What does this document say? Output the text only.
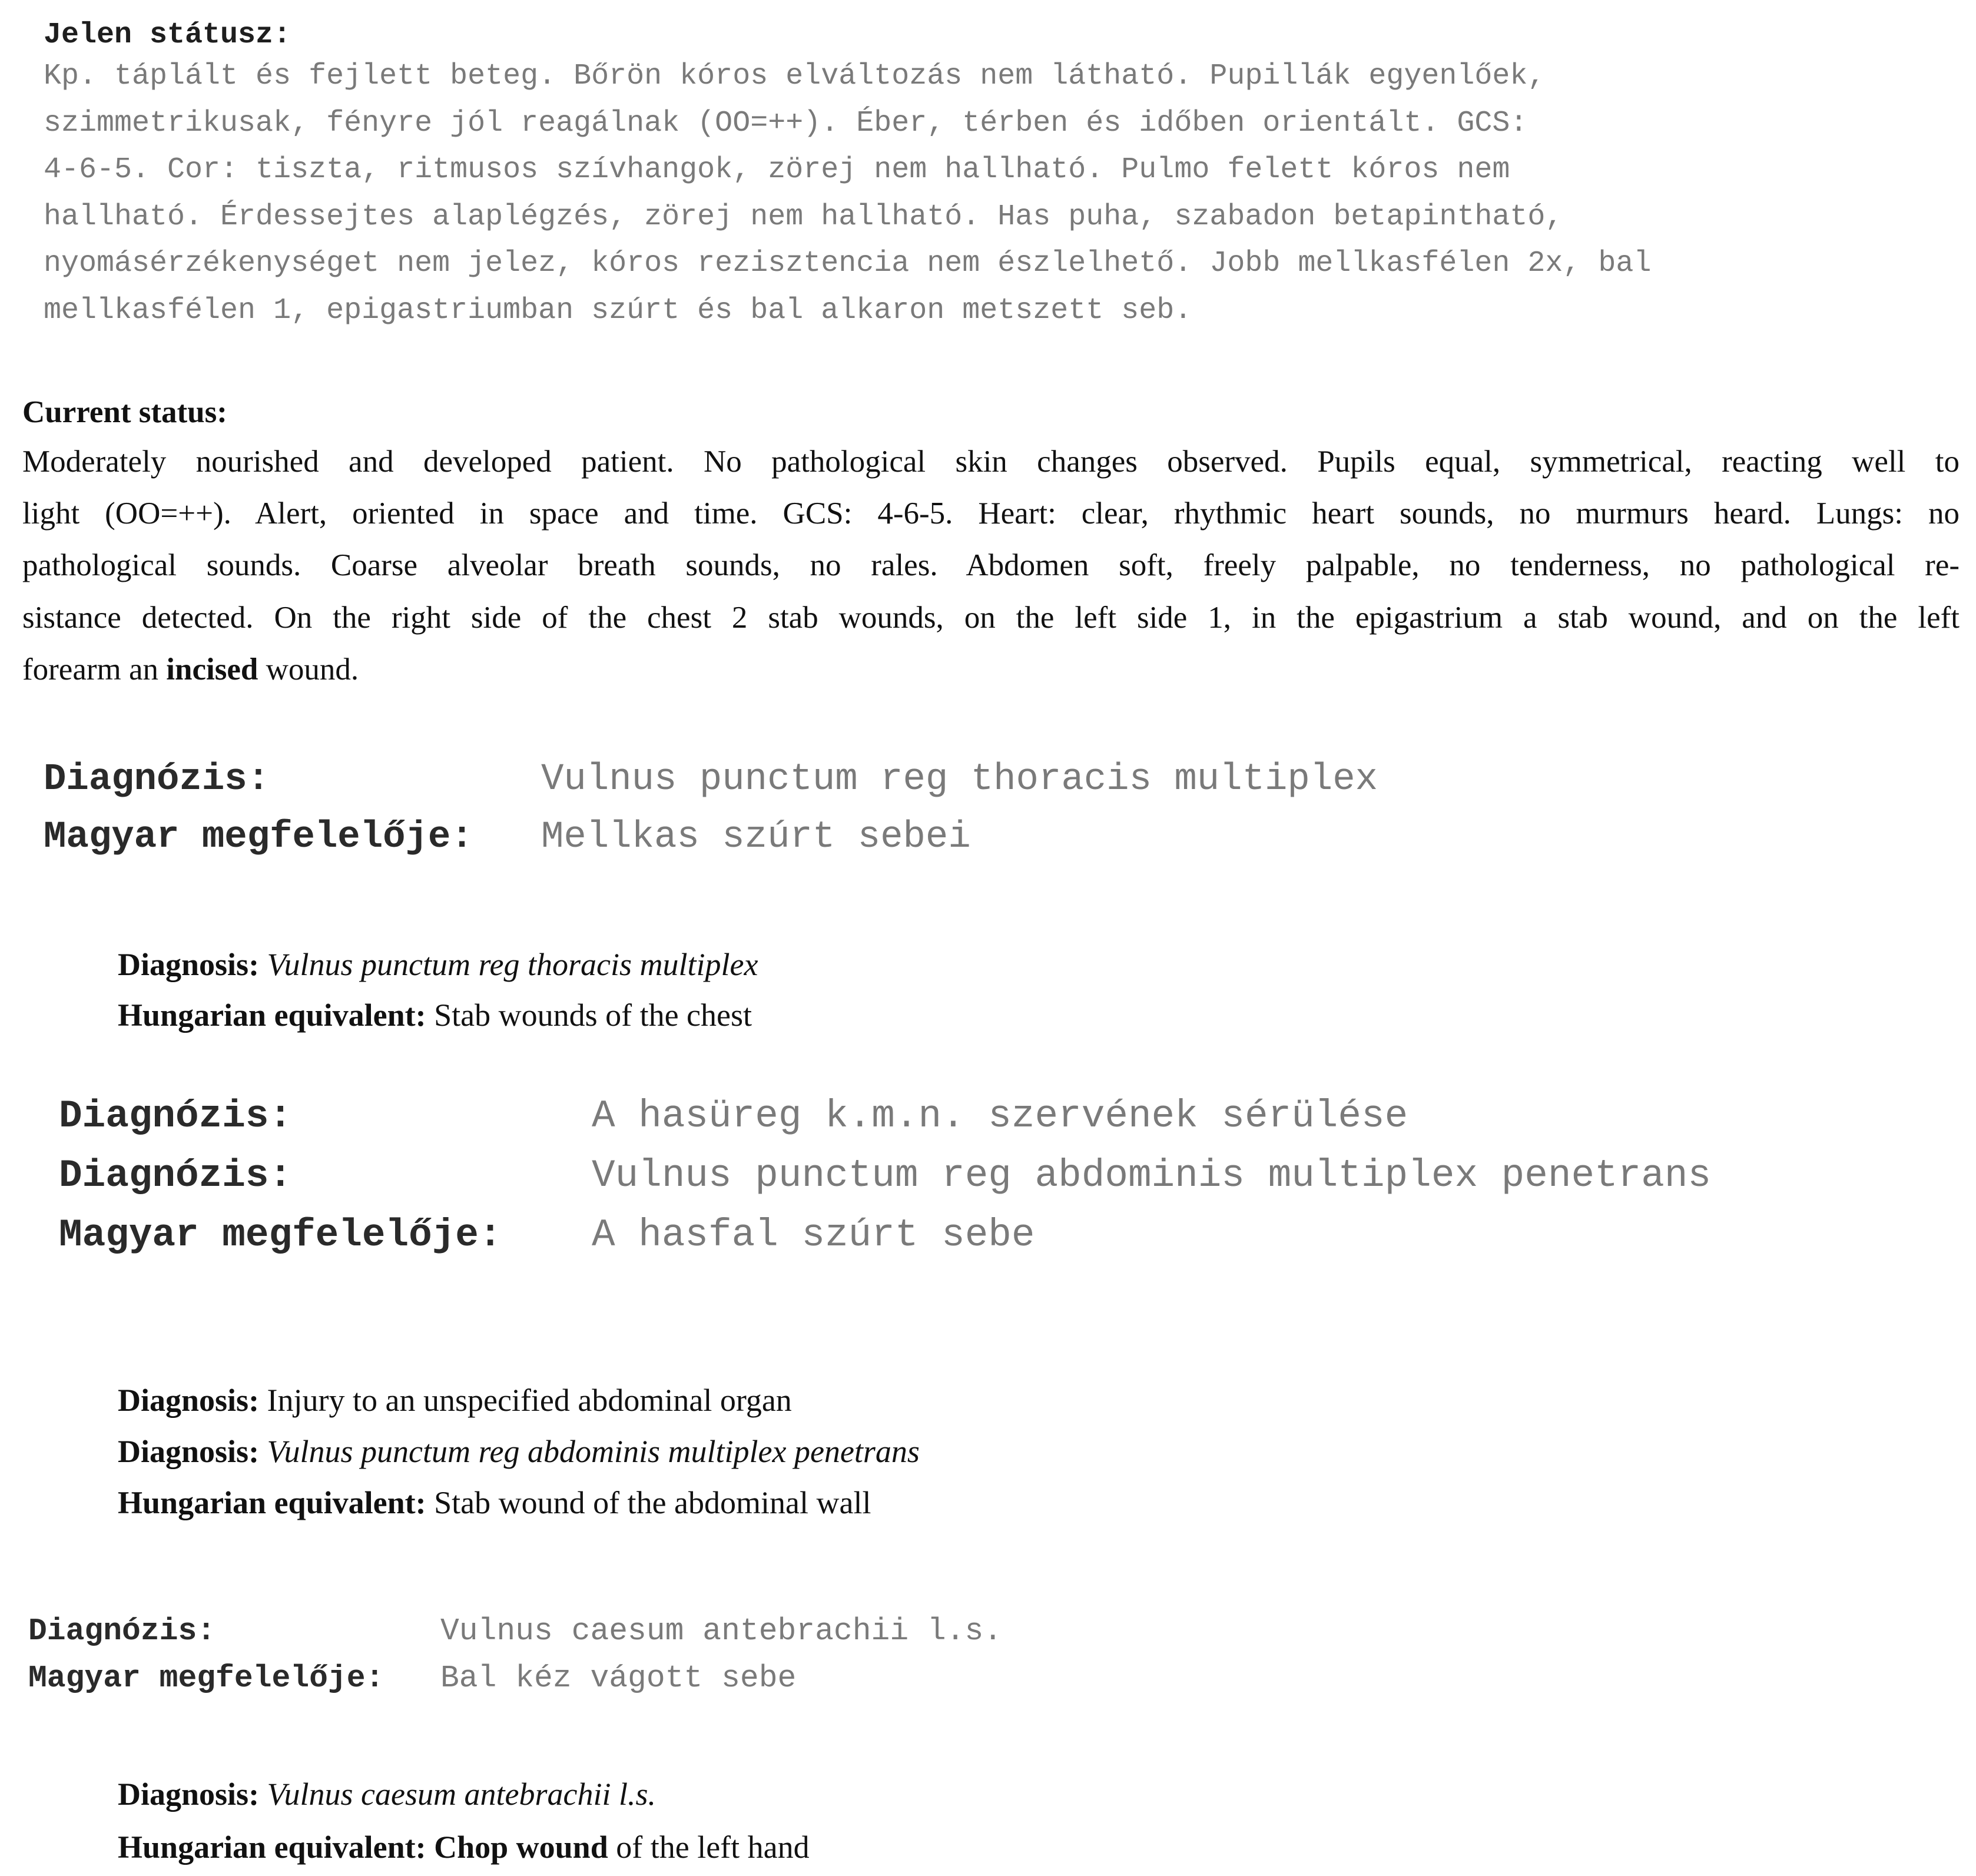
Jelen státusz:
Kp. táplált és fejlett beteg. Bőrön kóros elváltozás nem látható. Pupillák egyenlőek,
szimmetrikusak, fényre jól reagálnak (OO=++). Éber, térben és időben orientált. GCS:
4-6-5. Cor: tiszta, ritmusos szívhangok, zörej nem hallható. Pulmo felett kóros nem
hallható. Érdessejtes alaplégzés, zörej nem hallható. Has puha, szabadon betapintható,
nyomásérzékenységet nem jelez, kóros rezisztencia nem észlelhető. Jobb mellkasfélen 2x, bal
mellkasfélen 1, epigastriumban szúrt és bal alkaron metszett seb.
Current status:
Moderately nourished and developed patient. No pathological skin changes observed. Pupils equal, symmetrical, reacting well to
light (OO=++). Alert, oriented in space and time. GCS: 4-6-5. Heart: clear, rhythmic heart sounds, no murmurs heard. Lungs: no
pathological sounds. Coarse alveolar breath sounds, no rales. Abdomen soft, freely palpable, no tenderness, no pathological re-
sistance detected. On the right side of the chest 2 stab wounds, on the left side 1, in the epigastrium a stab wound, and on the left
forearm an incised wound.
Diagnózis:	Vulnus punctum reg thoracis multiplex
Magyar megfelelője: Mellkas szúrt sebei
Diagnosis: Vulnus punctum reg thoracis multiplex
Hungarian equivalent: Stab wounds of the chest
Diagnózis:	A hasüreg k.m.n. szervének sérülése
Diagnózis:	Vulnus punctum reg abdominis multiplex penetrans
Magyar megfelelője: A hasfal szúrt sebe
Diagnosis: Injury to an unspecified abdominal organ
Diagnosis: Vulnus punctum reg abdominis multiplex penetrans
Hungarian equivalent: Stab wound of the abdominal wall
Diagnózis:	Vulnus caesum antebrachii l.s.
Magyar megfelelője: Bal kéz vágott sebe
Diagnosis: Vulnus caesum antebrachii l.s.
Hungarian equivalent: Chop wound of the left hand
